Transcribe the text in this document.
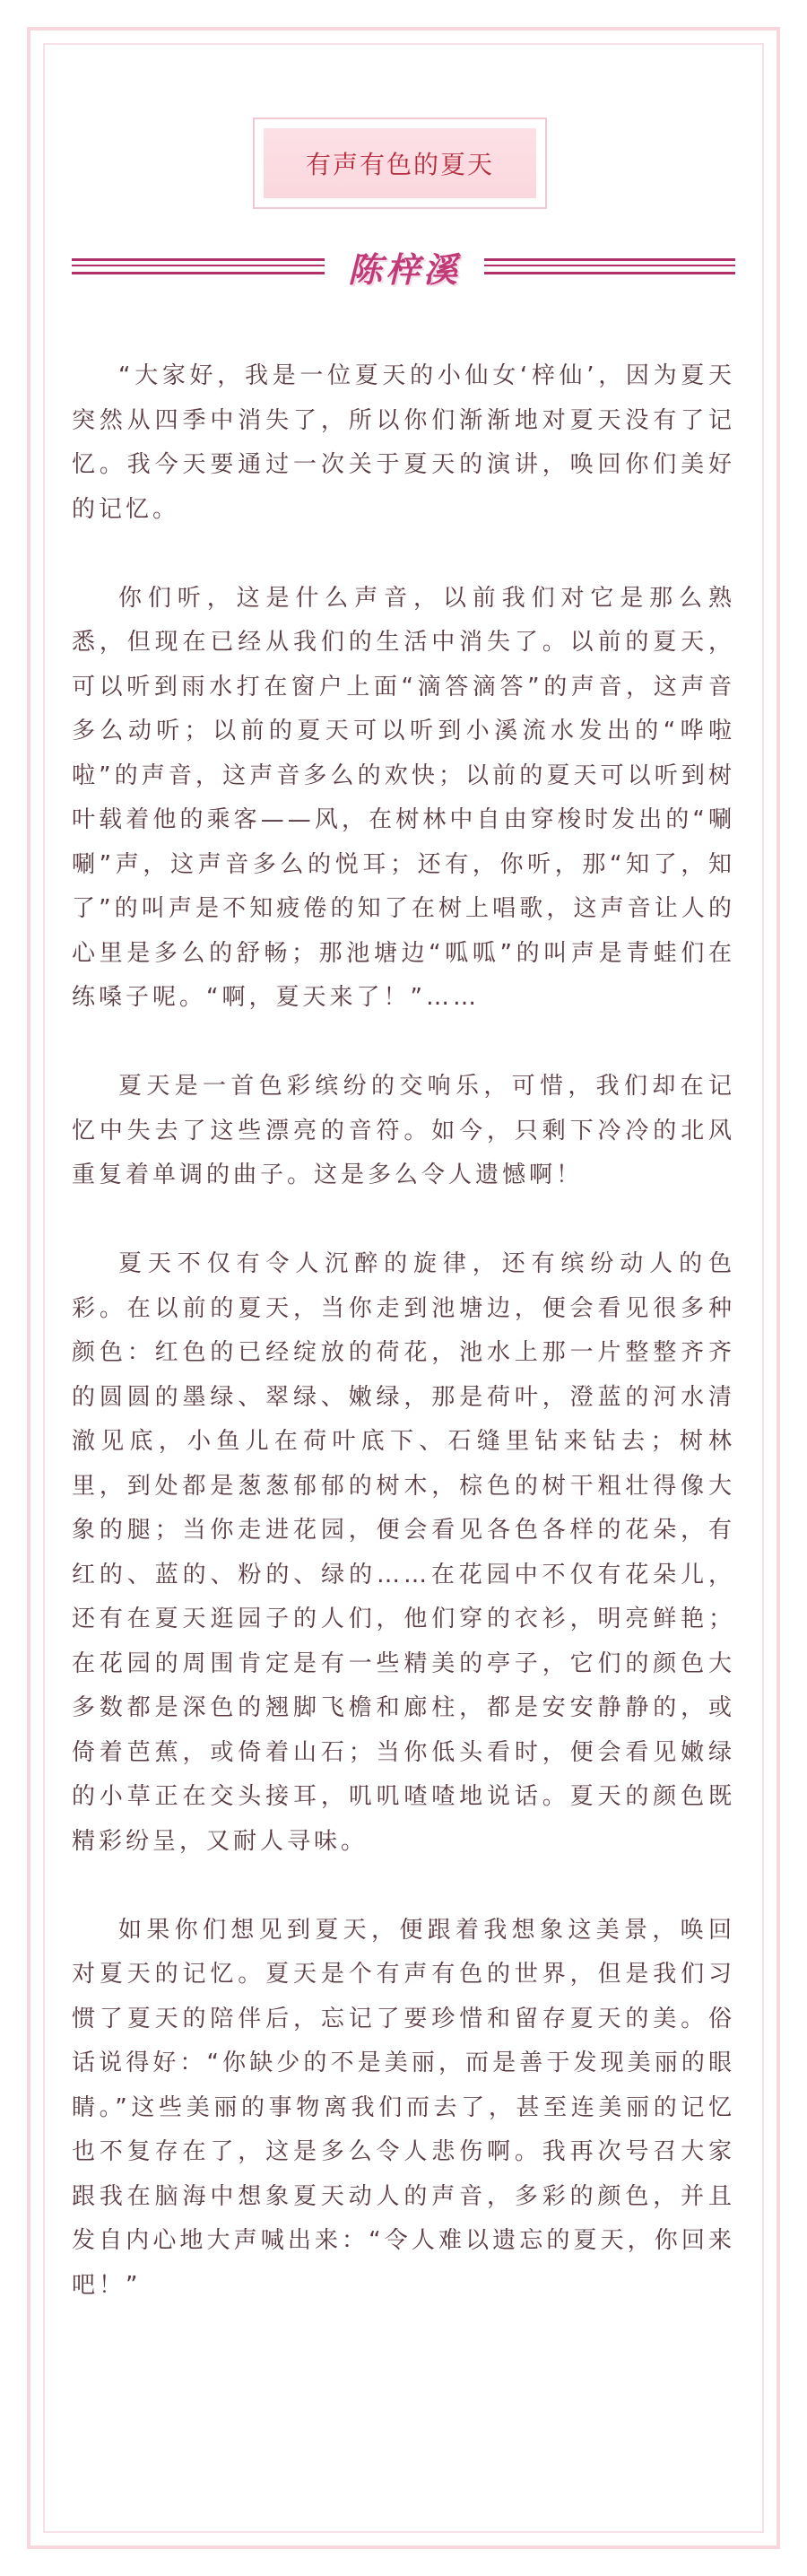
有声有色的夏天
陈梓溪

“大家好，我是一位夏天的小仙女‘梓仙’，因为夏天突然从四季中消失了，所以你们渐渐地对夏天没有了记忆。我今天要通过一次关于夏天的演讲，唤回你们美好的记忆。

你们听，这是什么声音，以前我们对它是那么熟悉，但现在已经从我们的生活中消失了。以前的夏天，可以听到雨水打在窗户上面“滴答滴答”的声音，这声音多么动听；以前的夏天可以听到小溪流水发出的“哗啦啦”的声音，这声音多么的欢快；以前的夏天可以听到树叶载着他的乘客——风，在树林中自由穿梭时发出的“唰唰”声，这声音多么的悦耳；还有，你听，那“知了，知了”的叫声是不知疲倦的知了在树上唱歌，这声音让人的心里是多么的舒畅；那池塘边“呱呱”的叫声是青蛙们在练嗓子呢。“啊，夏天来了！”……

夏天是一首色彩缤纷的交响乐，可惜，我们却在记忆中失去了这些漂亮的音符。如今，只剩下冷冷的北风重复着单调的曲子。这是多么令人遗憾啊！

夏天不仅有令人沉醉的旋律，还有缤纷动人的色彩。在以前的夏天，当你走到池塘边，便会看见很多种颜色：红色的已经绽放的荷花，池水上那一片整整齐齐的圆圆的墨绿、翠绿、嫩绿，那是荷叶，澄蓝的河水清澈见底，小鱼儿在荷叶底下、石缝里钻来钻去；树林里，到处都是葱葱郁郁的树木，棕色的树干粗壮得像大象的腿；当你走进花园，便会看见各色各样的花朵，有红的、蓝的、粉的、绿的……在花园中不仅有花朵儿，还有在夏天逛园子的人们，他们穿的衣衫，明亮鲜艳；在花园的周围肯定是有一些精美的亭子，它们的颜色大多数都是深色的翘脚飞檐和廊柱，都是安安静静的，或倚着芭蕉，或倚着山石；当你低头看时，便会看见嫩绿的小草正在交头接耳，叽叽喳喳地说话。夏天的颜色既精彩纷呈，又耐人寻味。

如果你们想见到夏天，便跟着我想象这美景，唤回对夏天的记忆。夏天是个有声有色的世界，但是我们习惯了夏天的陪伴后，忘记了要珍惜和留存夏天的美。俗话说得好：“你缺少的不是美丽，而是善于发现美丽的眼睛。”这些美丽的事物离我们而去了，甚至连美丽的记忆也不复存在了，这是多么令人悲伤啊。我再次号召大家跟我在脑海中想象夏天动人的声音，多彩的颜色，并且发自内心地大声喊出来：“令人难以遗忘的夏天，你回来吧！”
